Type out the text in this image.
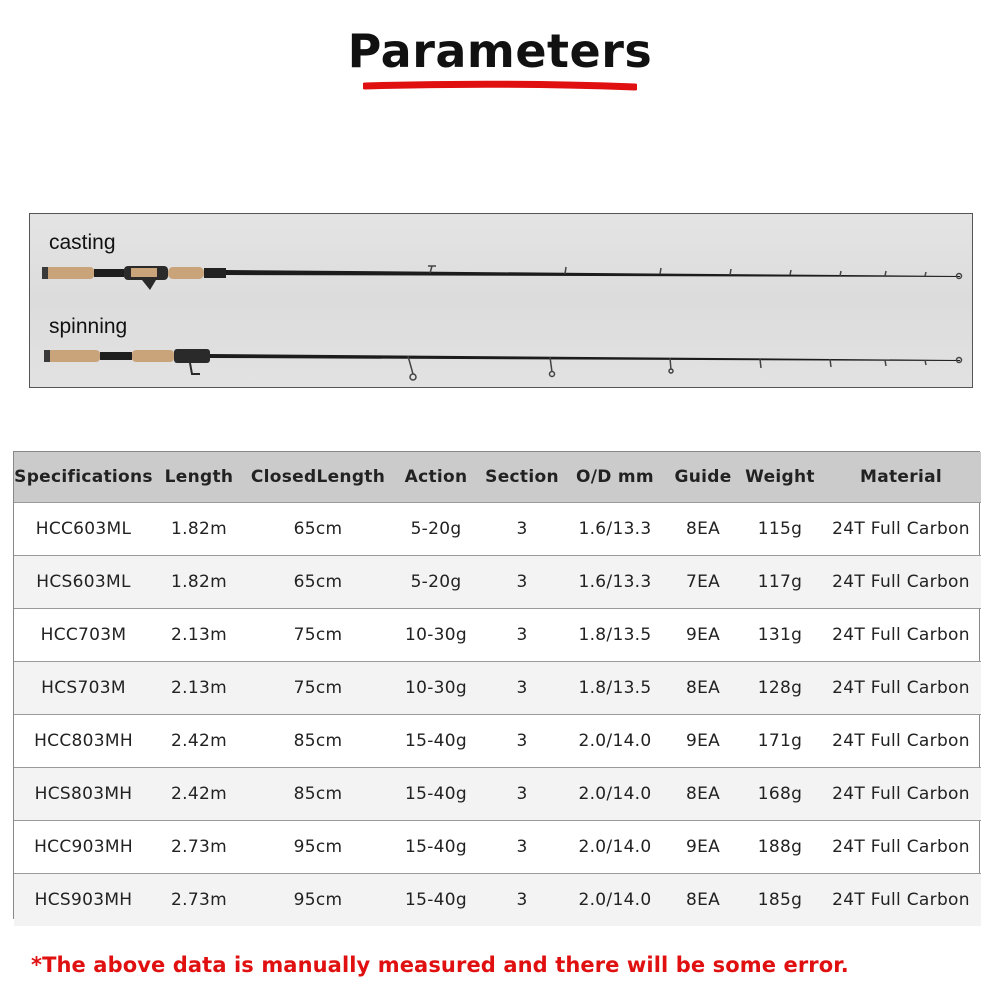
Parameters
casting
spinning
Specifications	Length	ClosedLength	Action	Section	O/D mm	Guide	Weight	Material
HCC603ML	1.82m	65cm	5-20g	3	1.6/13.3	8EA	115g	24T Full Carbon
HCS603ML	1.82m	65cm	5-20g	3	1.6/13.3	7EA	117g	24T Full Carbon
HCC703M	2.13m	75cm	10-30g	3	1.8/13.5	9EA	131g	24T Full Carbon
HCS703M	2.13m	75cm	10-30g	3	1.8/13.5	8EA	128g	24T Full Carbon
HCC803MH	2.42m	85cm	15-40g	3	2.0/14.0	9EA	171g	24T Full Carbon
HCS803MH	2.42m	85cm	15-40g	3	2.0/14.0	8EA	168g	24T Full Carbon
HCC903MH	2.73m	95cm	15-40g	3	2.0/14.0	9EA	188g	24T Full Carbon
HCS903MH	2.73m	95cm	15-40g	3	2.0/14.0	8EA	185g	24T Full Carbon
*The above data is manually measured and there will be some error.
